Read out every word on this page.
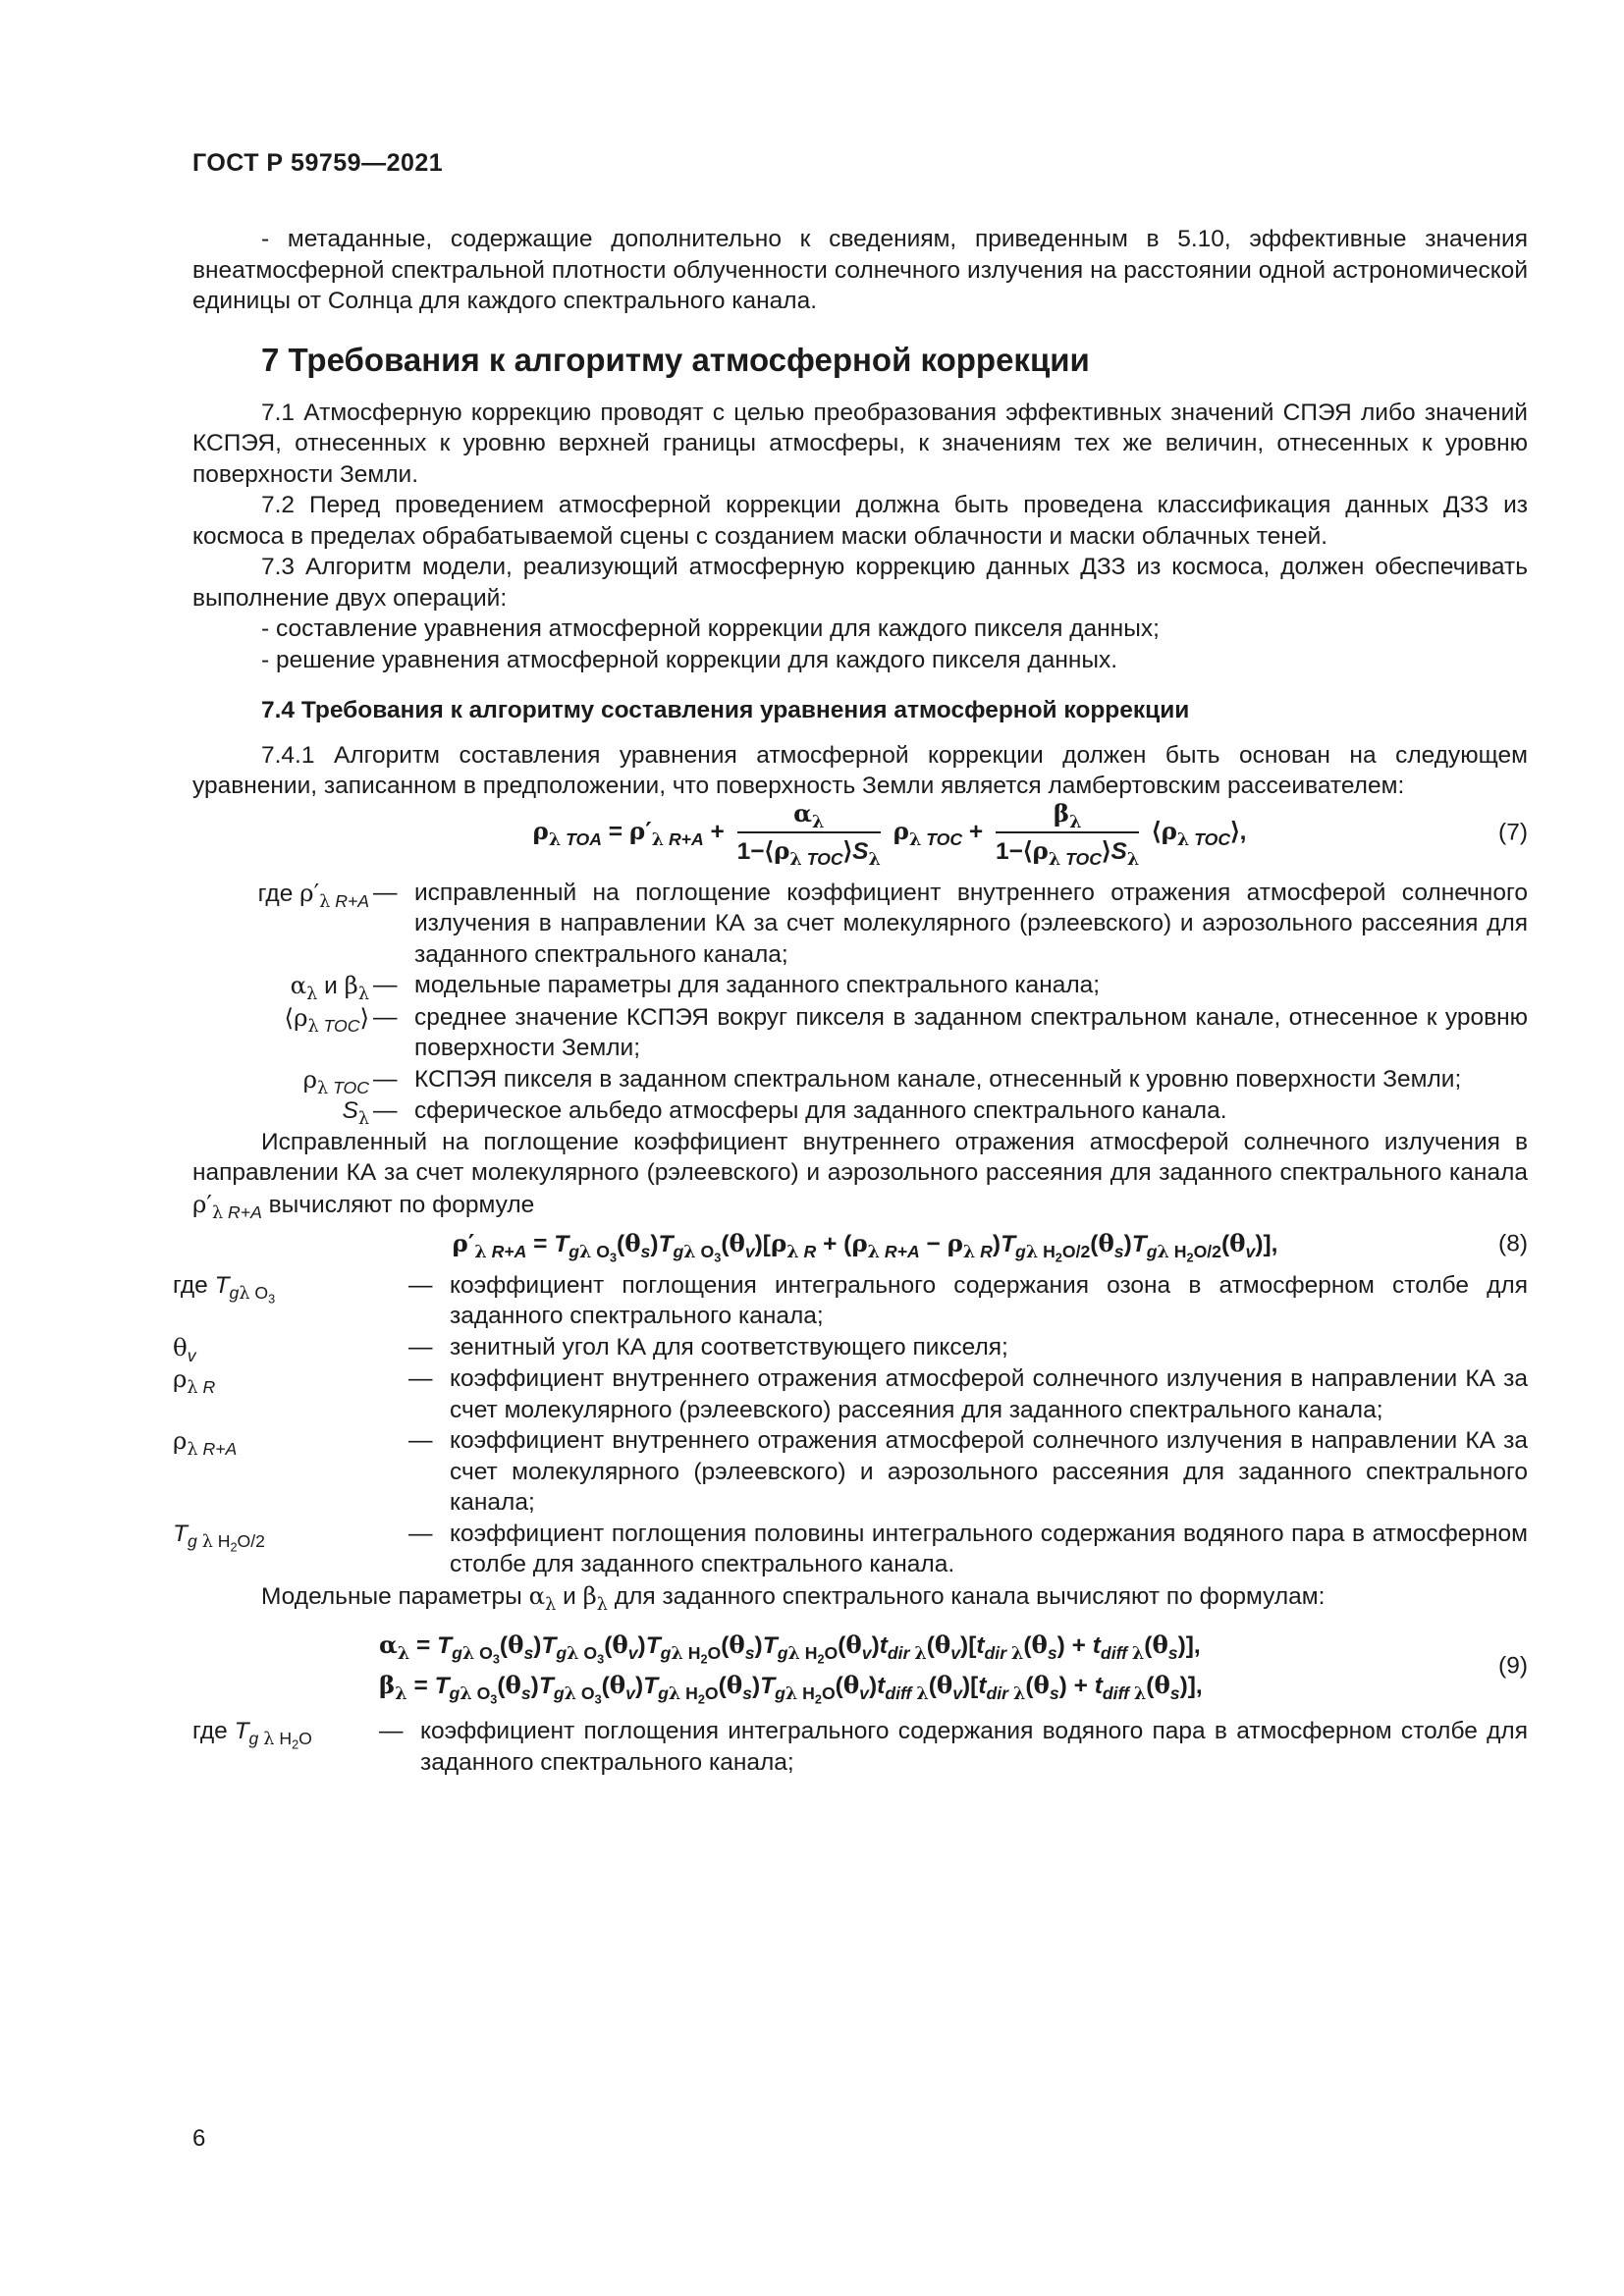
ГОСТ Р 59759—2021

- метаданные, содержащие дополнительно к сведениям, приведенным в 5.10, эффективные значения внеатмосферной спектральной плотности облученности солнечного излучения на расстоянии одной астрономической единицы от Солнца для каждого спектрального канала.

7 Требования к алгоритму атмосферной коррекции

7.1 Атмосферную коррекцию проводят с целью преобразования эффективных значений СПЭЯ либо значений КСПЭЯ, отнесенных к уровню верхней границы атмосферы, к значениям тех же величин, отнесенных к уровню поверхности Земли.

7.2 Перед проведением атмосферной коррекции должна быть проведена классификация данных ДЗЗ из космоса в пределах обрабатываемой сцены с созданием маски облачности и маски облачных теней.

7.3 Алгоритм модели, реализующий атмосферную коррекцию данных ДЗЗ из космоса, должен обеспечивать выполнение двух операций:

- составление уравнения атмосферной коррекции для каждого пикселя данных;

- решение уравнения атмосферной коррекции для каждого пикселя данных.

7.4 Требования к алгоритму составления уравнения атмосферной коррекции

7.4.1 Алгоритм составления уравнения атмосферной коррекции должен быть основан на следующем уравнении, записанном в предположении, что поверхность Земли является ламбертовским рассеивателем:

$\rho_{\lambda TOA} = \rho'_{\lambda R+A} + \frac{\alpha_\lambda}{1-⟨\rho_{\lambda TOC}⟩S_\lambda} \rho_{\lambda TOC} + \frac{\beta_\lambda}{1-⟨\rho_{\lambda TOC}⟩S_\lambda}$ $⟨\rho_{\lambda TOC}⟩$,	(7)
где $\rho'_{\lambda R+A}$	—	исправленный на поглощение коэффициент внутреннего отражения атмосферой солнечного излучения в направлении КА за счет молекулярного (рэлеевского) и аэрозольного рассеяния для заданного спектрального канала;
$\alpha_\lambda$ и $\beta_\lambda$	—	модельные параметры для заданного спектрального канала;
$⟨\rho_{\lambda TOC}⟩$	—	среднее значение КСПЭЯ вокруг пикселя в заданном спектральном канале, отнесенное к уровню поверхности Земли;
$\rho_{\lambda TOC}$	—	КСПЭЯ пикселя в заданном спектральном канале, отнесенный к уровню поверхности Земли;
$S_\lambda$	—	сферическое альбедо атмосферы для заданного спектрального канала.

Исправленный на поглощение коэффициент внутреннего отражения атмосферой солнечного излучения в направлении КА за счет молекулярного (рэлеевского) и аэрозольного рассеяния для заданного спектрального канала $\rho'_{\lambda R+A}$ вычисляют по формуле

$\rho'_{\lambda R+A} = T_{g\lambda O_3}(\theta_s)T_{g\lambda O_3}(\theta_v)[\rho_{\lambda R} + (\rho_{\lambda R+A} - \rho_{\lambda R})T_{g\lambda H_2O/2}(\theta_s)T_{g\lambda H_2O/2}(\theta_v)]$,	(8)
где $T_{g\lambda O_3}$	—	коэффициент поглощения интегрального содержания озона в атмосферном столбе для заданного спектрального канала;
$\theta_v$	—	зенитный угол КА для соответствующего пикселя;
$\rho_{\lambda R}$	—	коэффициент внутреннего отражения атмосферой солнечного излучения в направлении КА за счет молекулярного (рэлеевского) рассеяния для заданного спектрального канала;
$\rho_{\lambda R+A}$	—	коэффициент внутреннего отражения атмосферой солнечного излучения в направлении КА за счет молекулярного (рэлеевского) и аэрозольного рассеяния для заданного спектрального канала;
$T_{g \lambda H_2O/2}$	—	коэффициент поглощения половины интегрального содержания водяного пара в атмосферном столбе для заданного спектрального канала.

Модельные параметры $\alpha_\lambda$ и $\beta_\lambda$ для заданного спектрального канала вычисляют по формулам:

$\alpha_\lambda = T_{g\lambda O_3}(\theta_s)T_{g\lambda O_3}(\theta_v)T_{g\lambda H_2O}(\theta_s)T_{g\lambda H_2O}(\theta_v)t_{dir \lambda}(\theta_v)[t_{dir \lambda}(\theta_s) + t_{diff \lambda}(\theta_s)]$,
$\beta_\lambda = T_{g\lambda O_3}(\theta_s)T_{g\lambda O_3}(\theta_v)T_{g\lambda H_2O}(\theta_s)T_{g\lambda H_2O}(\theta_v)t_{diff \lambda}(\theta_v)[t_{dir \lambda}(\theta_s) + t_{diff \lambda}(\theta_s)]$,
(9)
где $T_{g \lambda H_2O}$	—	коэффициент поглощения интегрального содержания водяного пара в атмосферном столбе для заданного спектрального канала;
6
